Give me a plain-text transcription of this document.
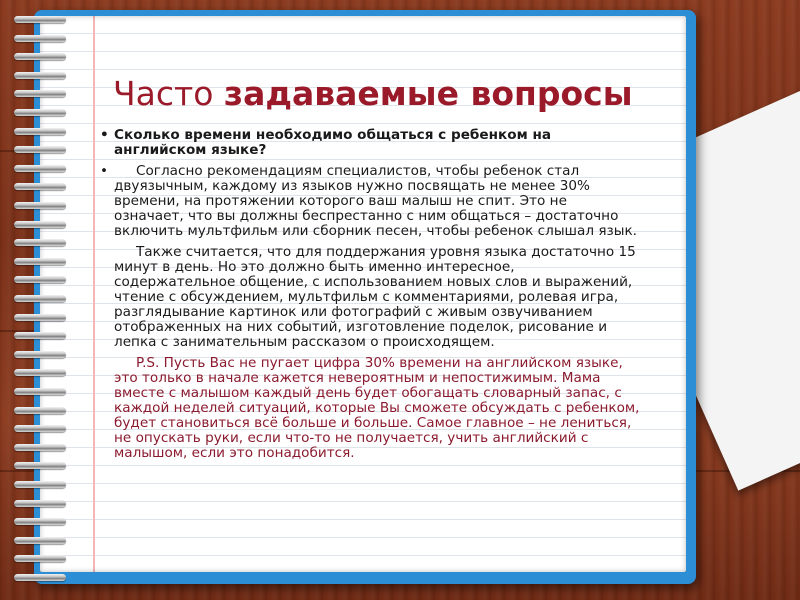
Часто задаваемые вопросы

• Сколько времени необходимо общаться с ребенком на английском языке?

• Согласно рекомендациям специалистов, чтобы ребенок стал двуязычным, каждому из языков нужно посвящать не менее 30% времени, на протяжении которого ваш малыш не спит. Это не означает, что вы должны беспрестанно с ним общаться – достаточно включить мультфильм или сборник песен, чтобы ребенок слышал язык.

Также считается, что для поддержания уровня языка достаточно 15 минут в день. Но это должно быть именно интересное, содержательное общение, с использованием новых слов и выражений, чтение с обсуждением, мультфильм с комментариями, ролевая игра, разглядывание картинок или фотографий с живым озвучиванием отображенных на них событий, изготовление поделок, рисование и лепка с занимательным рассказом о происходящем.

P.S. Пусть Вас не пугает цифра 30% времени на английском языке, это только в начале кажется невероятным и непостижимым. Мама вместе с малышом каждый день будет обогащать словарный запас, с каждой неделей ситуаций, которые Вы сможете обсуждать с ребенком, будет становиться всё больше и больше. Самое главное – не лениться, не опускать руки, если что-то не получается, учить английский с малышом, если это понадобится.
